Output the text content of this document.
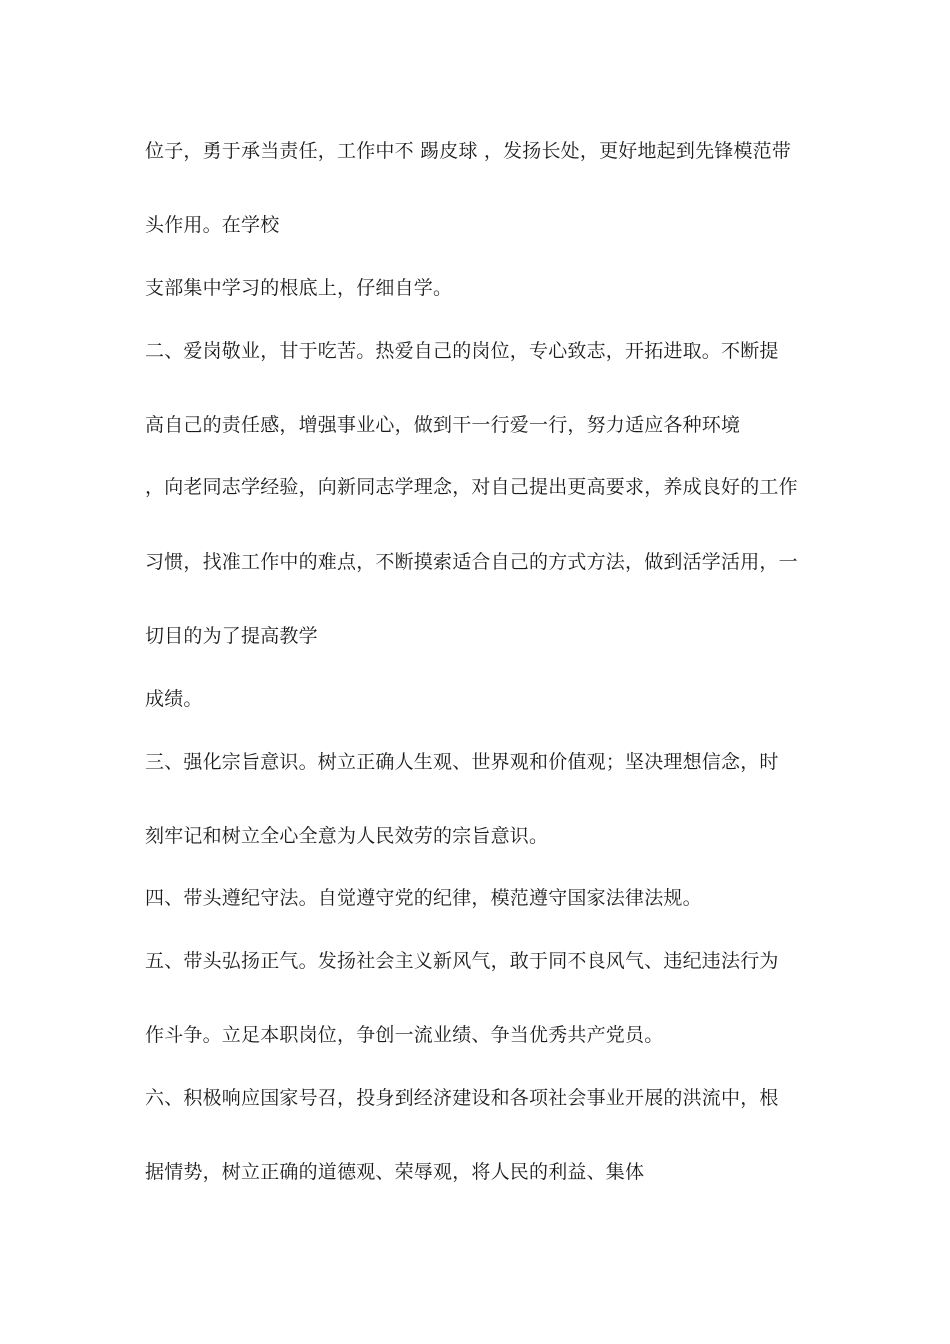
位子，勇于承当责任，工作中不 踢皮球 ，发扬长处，更好地起到先锋模范带

头作用。在学校

支部集中学习的根底上，仔细自学。

二、爱岗敬业，甘于吃苦。热爱自己的岗位，专心致志，开拓进取。不断提

高自己的责任感，增强事业心，做到干一行爱一行，努力适应各种环境

，向老同志学经验，向新同志学理念，对自己提出更高要求，养成良好的工作

习惯，找准工作中的难点，不断摸索适合自己的方式方法，做到活学活用，一

切目的为了提高教学

成绩。

三、强化宗旨意识。树立正确人生观、世界观和价值观；坚决理想信念，时

刻牢记和树立全心全意为人民效劳的宗旨意识。

四、带头遵纪守法。自觉遵守党的纪律，模范遵守国家法律法规。

五、带头弘扬正气。发扬社会主义新风气，敢于同不良风气、违纪违法行为

作斗争。立足本职岗位，争创一流业绩、争当优秀共产党员。

六、积极响应国家号召，投身到经济建设和各项社会事业开展的洪流中，根

据情势，树立正确的道德观、荣辱观，将人民的利益、集体
